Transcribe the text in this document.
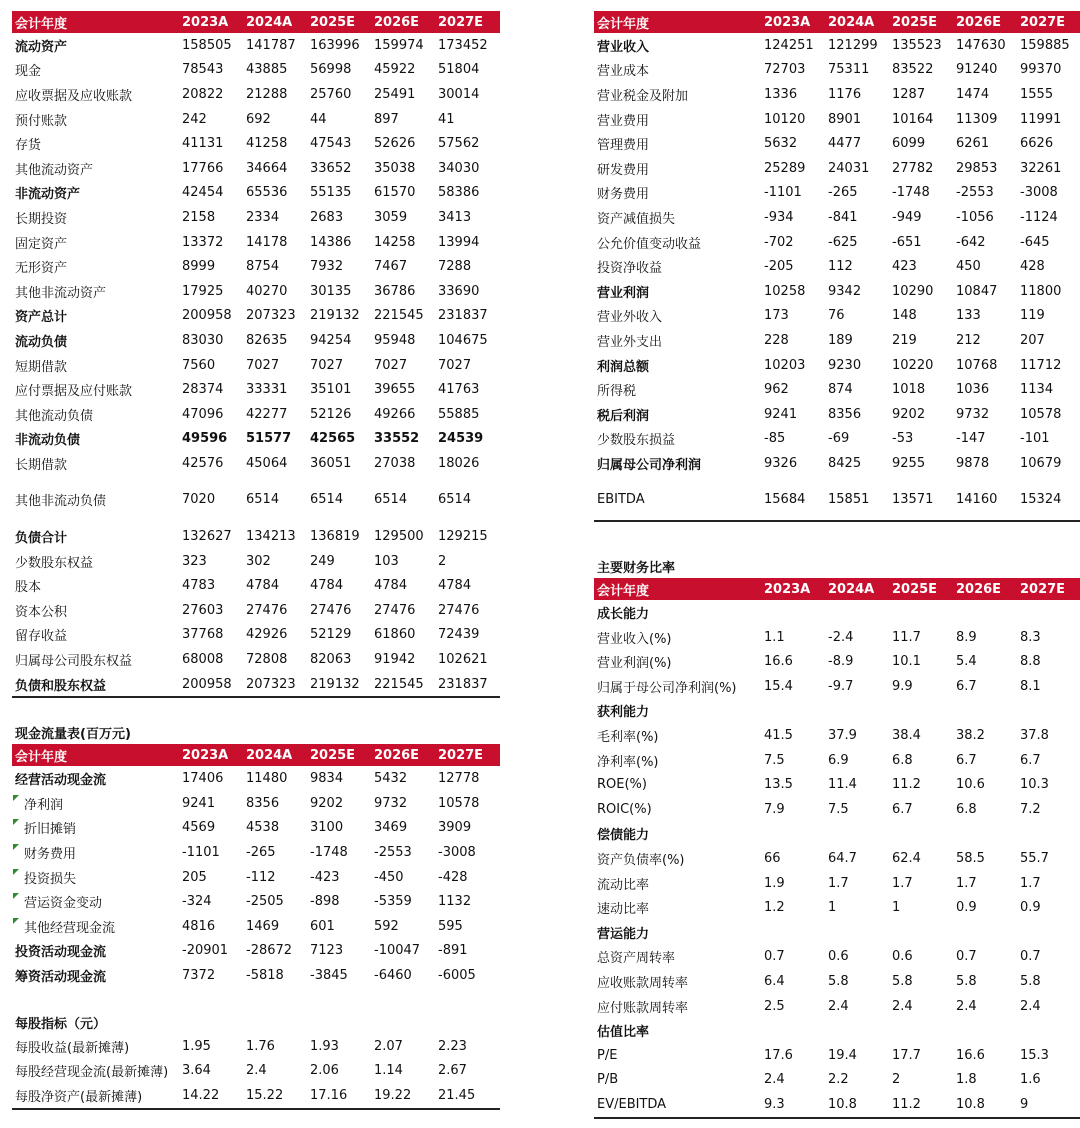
会计年度	2023A	2024A	2025E	2026E	2027E
流动资产	158505	141787	163996	159974	173452
现金	78543	43885	56998	45922	51804
应收票据及应收账款	20822	21288	25760	25491	30014
预付账款	242	692	44	897	41
存货	41131	41258	47543	52626	57562
其他流动资产	17766	34664	33652	35038	34030
非流动资产	42454	65536	55135	61570	58386
长期投资	2158	2334	2683	3059	3413
固定资产	13372	14178	14386	14258	13994
无形资产	8999	8754	7932	7467	7288
其他非流动资产	17925	40270	30135	36786	33690
资产总计	200958	207323	219132	221545	231837
流动负债	83030	82635	94254	95948	104675
短期借款	7560	7027	7027	7027	7027
应付票据及应付账款	28374	33331	35101	39655	41763
其他流动负债	47096	42277	52126	49266	55885
非流动负债	49596	51577	42565	33552	24539
长期借款	42576	45064	36051	27038	18026
其他非流动负债	7020	6514	6514	6514	6514
负债合计	132627	134213	136819	129500	129215
少数股东权益	323	302	249	103	2
股本	4783	4784	4784	4784	4784
资本公积	27603	27476	27476	27476	27476
留存收益	37768	42926	52129	61860	72439
归属母公司股东权益	68008	72808	82063	91942	102621
负债和股东权益	200958	207323	219132	221545	231837
现金流量表(百万元)
会计年度	2023A	2024A	2025E	2026E	2027E
经营活动现金流	17406	11480	9834	5432	12778
净利润	9241	8356	9202	9732	10578
折旧摊销	4569	4538	3100	3469	3909
财务费用	-1101	-265	-1748	-2553	-3008
投资损失	205	-112	-423	-450	-428
营运资金变动	-324	-2505	-898	-5359	1132
其他经营现金流	4816	1469	601	592	595
投资活动现金流	-20901	-28672	7123	-10047	-891
筹资活动现金流	7372	-5818	-3845	-6460	-6005
每股指标（元）
每股收益(最新摊薄)	1.95	1.76	1.93	2.07	2.23
每股经营现金流(最新摊薄)	3.64	2.4	2.06	1.14	2.67
每股净资产(最新摊薄)	14.22	15.22	17.16	19.22	21.45
会计年度	2023A	2024A	2025E	2026E	2027E
营业收入	124251	121299	135523	147630	159885
营业成本	72703	75311	83522	91240	99370
营业税金及附加	1336	1176	1287	1474	1555
营业费用	10120	8901	10164	11309	11991
管理费用	5632	4477	6099	6261	6626
研发费用	25289	24031	27782	29853	32261
财务费用	-1101	-265	-1748	-2553	-3008
资产减值损失	-934	-841	-949	-1056	-1124
公允价值变动收益	-702	-625	-651	-642	-645
投资净收益	-205	112	423	450	428
营业利润	10258	9342	10290	10847	11800
营业外收入	173	76	148	133	119
营业外支出	228	189	219	212	207
利润总额	10203	9230	10220	10768	11712
所得税	962	874	1018	1036	1134
税后利润	9241	8356	9202	9732	10578
少数股东损益	-85	-69	-53	-147	-101
归属母公司净利润	9326	8425	9255	9878	10679
EBITDA	15684	15851	13571	14160	15324
主要财务比率
会计年度	2023A	2024A	2025E	2026E	2027E
成长能力
营业收入(%)	1.1	-2.4	11.7	8.9	8.3
营业利润(%)	16.6	-8.9	10.1	5.4	8.8
归属于母公司净利润(%)	15.4	-9.7	9.9	6.7	8.1
获利能力
毛利率(%)	41.5	37.9	38.4	38.2	37.8
净利率(%)	7.5	6.9	6.8	6.7	6.7
ROE(%)	13.5	11.4	11.2	10.6	10.3
ROIC(%)	7.9	7.5	6.7	6.8	7.2
偿债能力
资产负债率(%)	66	64.7	62.4	58.5	55.7
流动比率	1.9	1.7	1.7	1.7	1.7
速动比率	1.2	1	1	0.9	0.9
营运能力
总资产周转率	0.7	0.6	0.6	0.7	0.7
应收账款周转率	6.4	5.8	5.8	5.8	5.8
应付账款周转率	2.5	2.4	2.4	2.4	2.4
估值比率
P/E	17.6	19.4	17.7	16.6	15.3
P/B	2.4	2.2	2	1.8	1.6
EV/EBITDA	9.3	10.8	11.2	10.8	9
